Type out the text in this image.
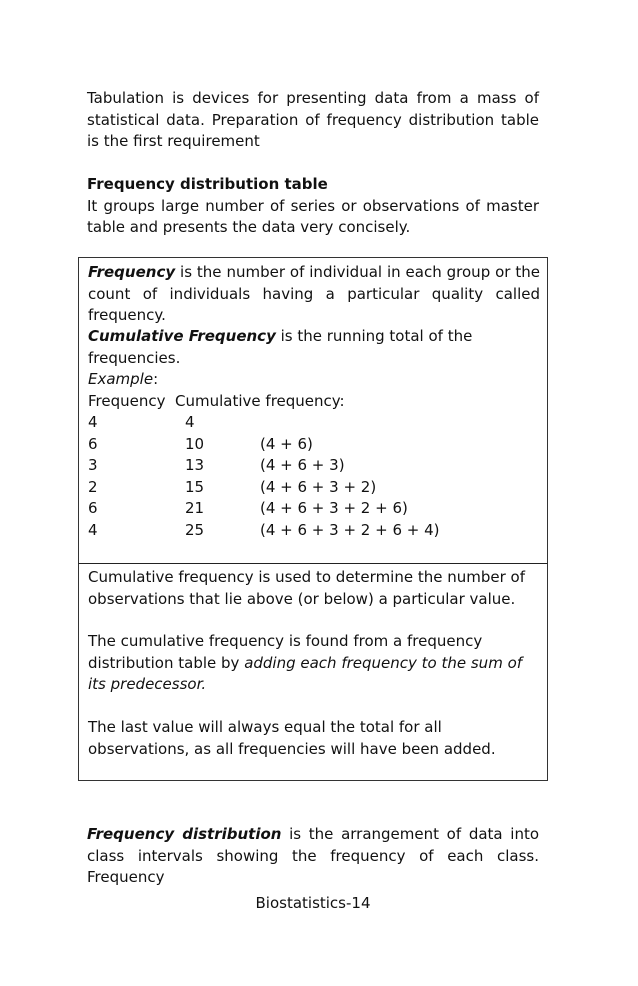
Tabulation is devices for presenting data from a mass of statistical data. Preparation of frequency distribution table is the first requirement

Frequency distribution table
It groups large number of series or observations of master table and presents the data very concisely.
Frequency is the number of individual in each group or the count of individuals having a particular quality called frequency.
Cumulative Frequency is the running total of the frequencies.
Example:
Frequency  Cumulative frequency:
4	4
6	10	(4 + 6)
3	13	(4 + 6 + 3)
2	15	(4 + 6 + 3 + 2)
6	21	(4 + 6 + 3 + 2 + 6)
4	25	(4 + 6 + 3 + 2 + 6 + 4)
Cumulative frequency is used to determine the number of observations that lie above (or below) a particular value.
The cumulative frequency is found from a frequency distribution table by adding each frequency to the sum of its predecessor.
The last value will always equal the total for all observations, as all frequencies will have been added.
Frequency distribution is the arrangement of data into class intervals showing the frequency of each class. Frequency
Biostatistics-14
